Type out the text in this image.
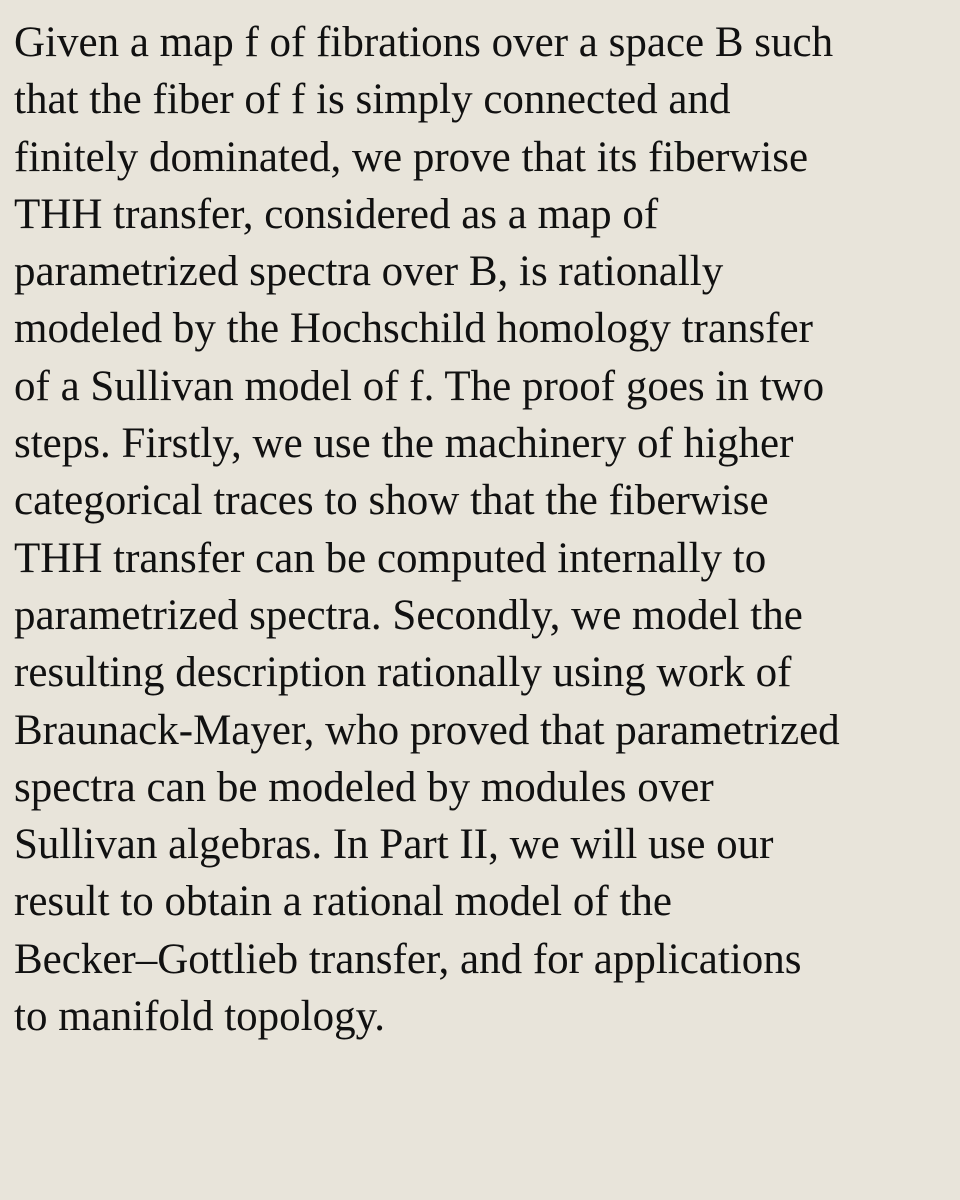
Given a map f of fibrations over a space B such
that the fiber of f is simply connected and
finitely dominated, we prove that its fiberwise
THH transfer, considered as a map of
parametrized spectra over B, is rationally
modeled by the Hochschild homology transfer
of a Sullivan model of f. The proof goes in two
steps. Firstly, we use the machinery of higher
categorical traces to show that the fiberwise
THH transfer can be computed internally to
parametrized spectra. Secondly, we model the
resulting description rationally using work of
Braunack-Mayer, who proved that parametrized
spectra can be modeled by modules over
Sullivan algebras. In Part II, we will use our
result to obtain a rational model of the
Becker–Gottlieb transfer, and for applications
to manifold topology.
